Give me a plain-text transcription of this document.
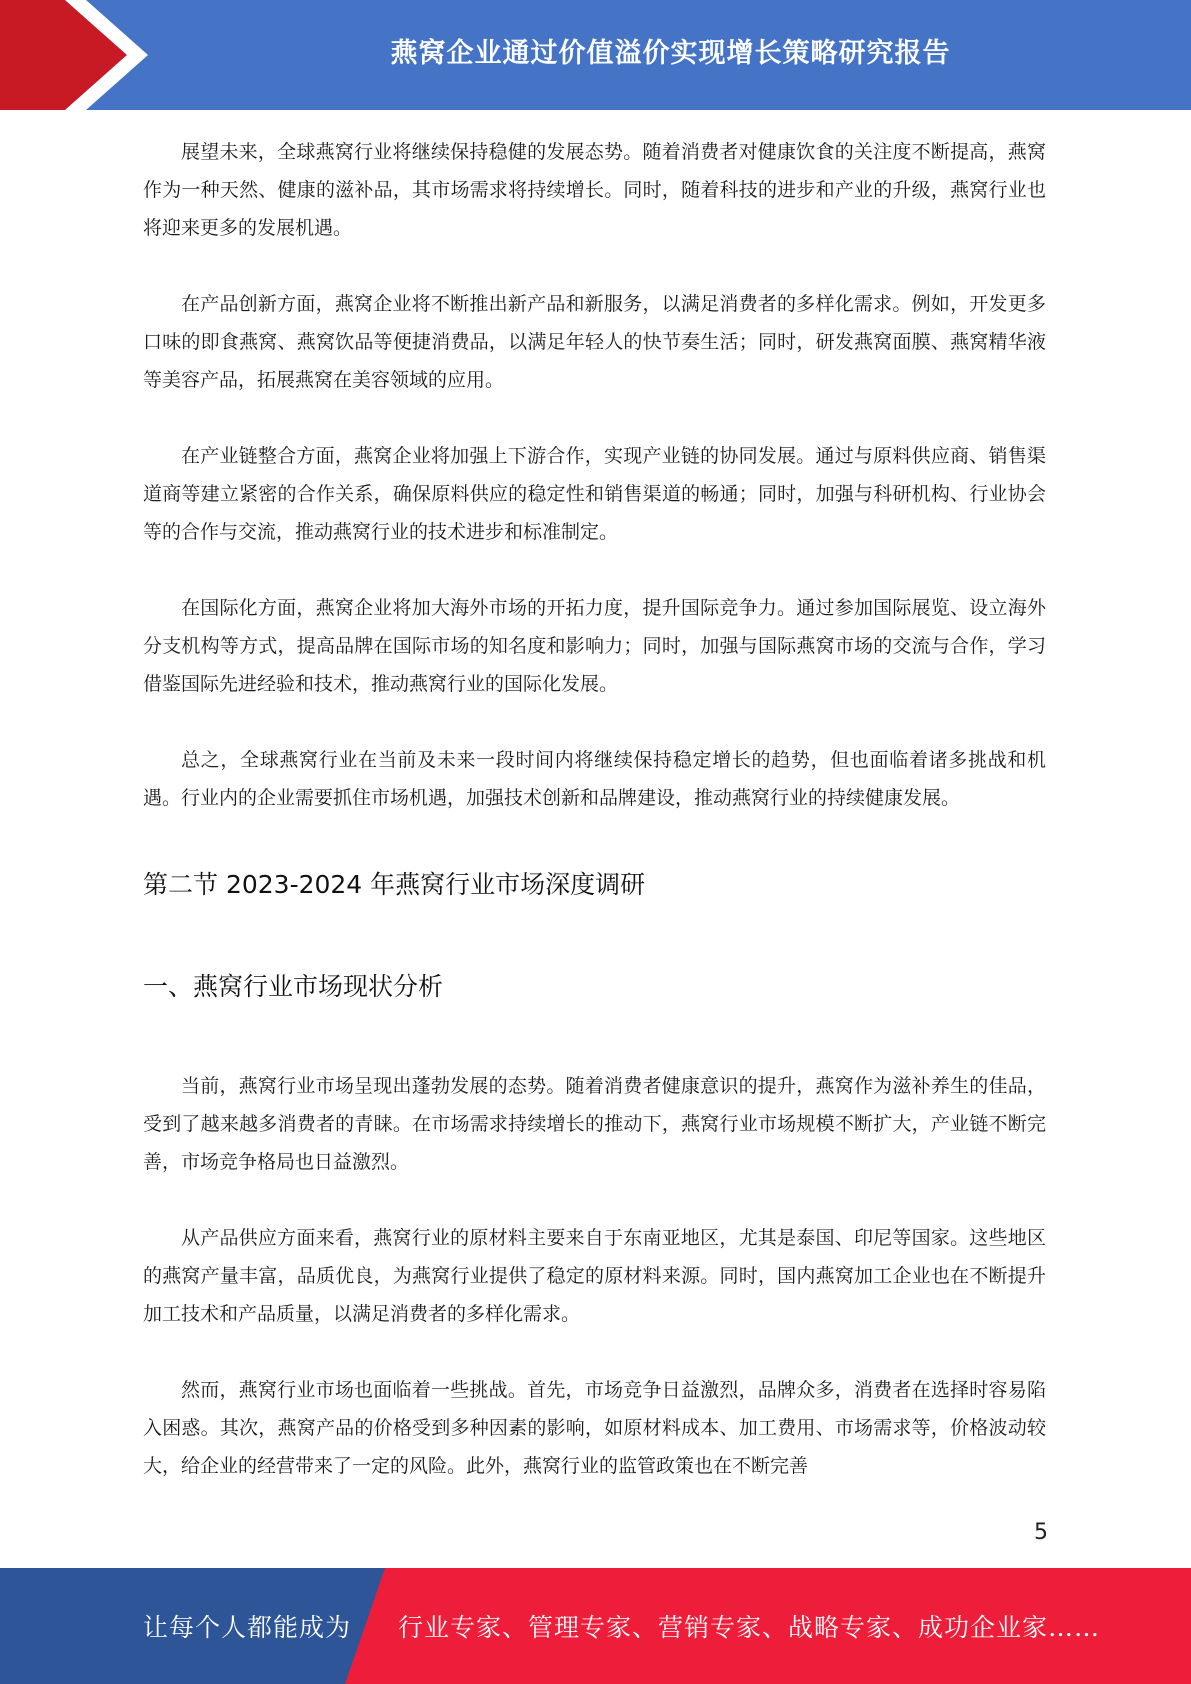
燕窝企业通过价值溢价实现增长策略研究报告

展望未来，全球燕窝行业将继续保持稳健的发展态势。随着消费者对健康饮食的关注度不断提高，燕窝作为一种天然、健康的滋补品，其市场需求将持续增长。同时，随着科技的进步和产业的升级，燕窝行业也将迎来更多的发展机遇。

在产品创新方面，燕窝企业将不断推出新产品和新服务，以满足消费者的多样化需求。例如，开发更多口味的即食燕窝、燕窝饮品等便捷消费品，以满足年轻人的快节奏生活；同时，研发燕窝面膜、燕窝精华液等美容产品，拓展燕窝在美容领域的应用。

在产业链整合方面，燕窝企业将加强上下游合作，实现产业链的协同发展。通过与原料供应商、销售渠道商等建立紧密的合作关系，确保原料供应的稳定性和销售渠道的畅通；同时，加强与科研机构、行业协会等的合作与交流，推动燕窝行业的技术进步和标准制定。

在国际化方面，燕窝企业将加大海外市场的开拓力度，提升国际竞争力。通过参加国际展览、设立海外分支机构等方式，提高品牌在国际市场的知名度和影响力；同时，加强与国际燕窝市场的交流与合作，学习借鉴国际先进经验和技术，推动燕窝行业的国际化发展。

总之，全球燕窝行业在当前及未来一段时间内将继续保持稳定增长的趋势，但也面临着诸多挑战和机遇。行业内的企业需要抓住市场机遇，加强技术创新和品牌建设，推动燕窝行业的持续健康发展。

第二节 2023-2024 年燕窝行业市场深度调研
一、燕窝行业市场现状分析

当前，燕窝行业市场呈现出蓬勃发展的态势。随着消费者健康意识的提升，燕窝作为滋补养生的佳品，受到了越来越多消费者的青睐。在市场需求持续增长的推动下，燕窝行业市场规模不断扩大，产业链不断完善，市场竞争格局也日益激烈。

从产品供应方面来看，燕窝行业的原材料主要来自于东南亚地区，尤其是泰国、印尼等国家。这些地区的燕窝产量丰富，品质优良，为燕窝行业提供了稳定的原材料来源。同时，国内燕窝加工企业也在不断提升加工技术和产品质量，以满足消费者的多样化需求。

然而，燕窝行业市场也面临着一些挑战。首先，市场竞争日益激烈，品牌众多，消费者在选择时容易陷入困惑。其次，燕窝产品的价格受到多种因素的影响，如原材料成本、加工费用、市场需求等，价格波动较大，给企业的经营带来了一定的风险。此外，燕窝行业的监管政策也在不断完善

5
让每个人都能成为 行业专家、管理专家、营销专家、战略专家、成功企业家……
